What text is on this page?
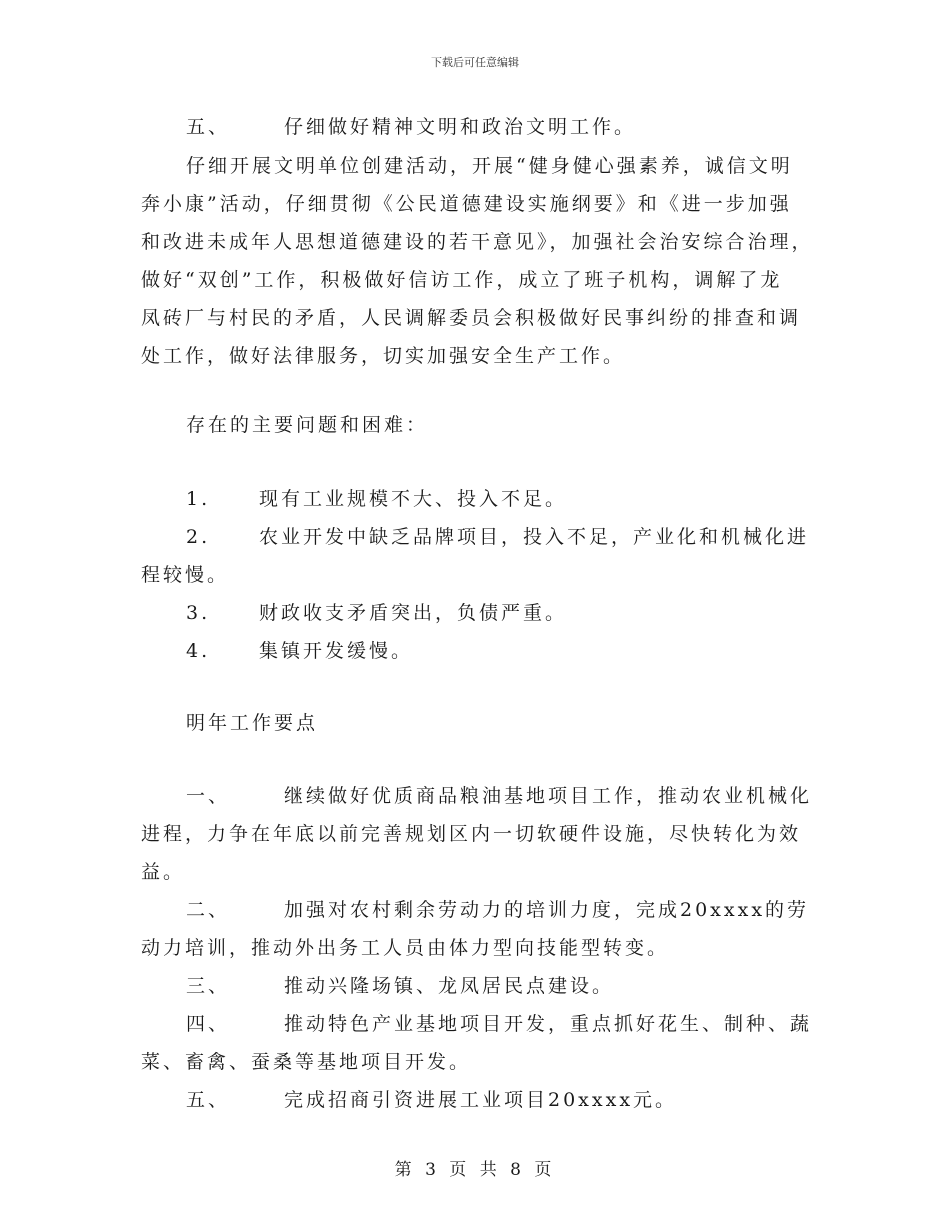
下载后可任意编辑
五、	仔细做好精神文明和政治文明工作。
仔细开展文明单位创建活动，开展“健身健心强素养，诚信文明
奔小康”活动，仔细贯彻《公民道德建设实施纲要》和《进一步加强
和改进未成年人思想道德建设的若干意见》，加强社会治安综合治理，
做好“双创”工作，积极做好信访工作，成立了班子机构，调解了龙
凤砖厂与村民的矛盾，人民调解委员会积极做好民事纠纷的排查和调
处工作，做好法律服务，切实加强安全生产工作。
存在的主要问题和困难：
1.	现有工业规模不大、投入不足。
2.	农业开发中缺乏品牌项目，投入不足，产业化和机械化进
程较慢。
3.	财政收支矛盾突出，负债严重。
4.	集镇开发缓慢。
明年工作要点
一、	继续做好优质商品粮油基地项目工作，推动农业机械化
进程，力争在年底以前完善规划区内一切软硬件设施，尽快转化为效
益。
二、	加强对农村剩余劳动力的培训力度，完成20xxxx的劳
动力培训，推动外出务工人员由体力型向技能型转变。
三、	推动兴隆场镇、龙凤居民点建设。
四、	推动特色产业基地项目开发，重点抓好花生、制种、蔬
菜、畜禽、蚕桑等基地项目开发。
五、	完成招商引资进展工业项目20xxxx元。
第 3 页 共 8 页
